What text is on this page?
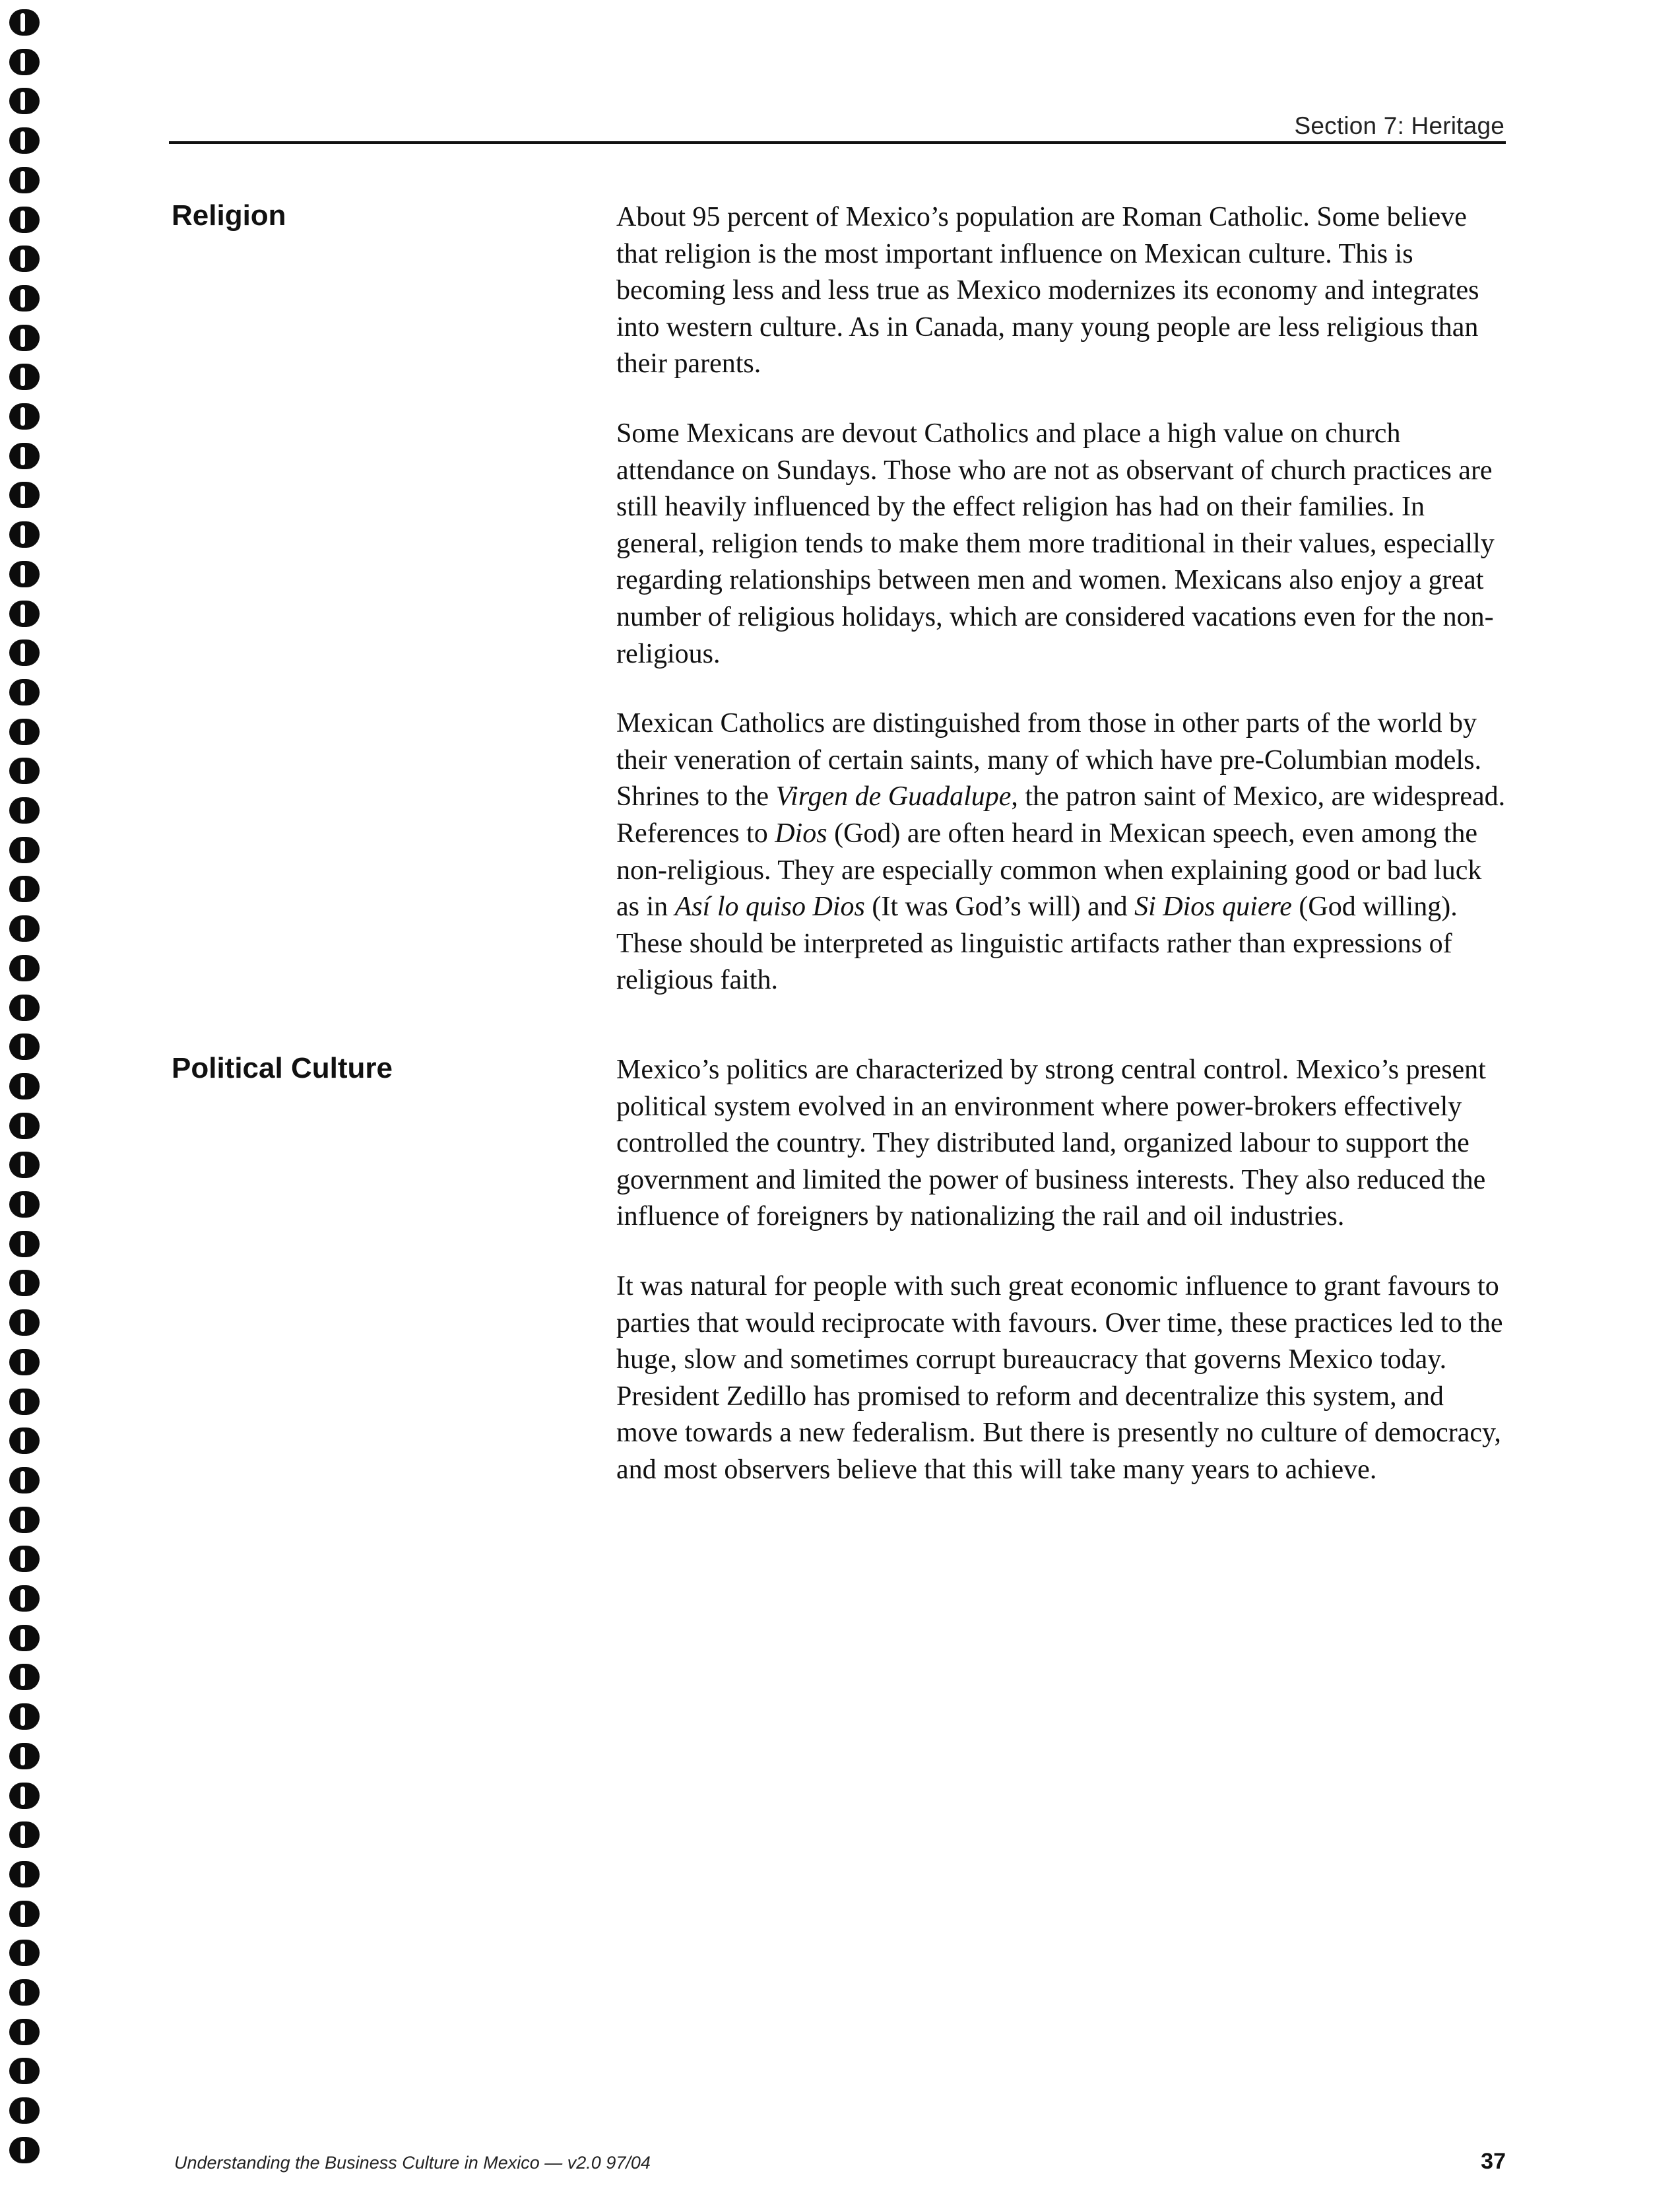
Section 7: Heritage
Religion	About 95 percent of Mexico’s population are Roman Catholic. Some believe that religion is the most important influence on Mexican culture. This is becoming less and less true as Mexico modernizes its economy and integrates into western culture. As in Canada, many young people are less religious than their parents.

Some Mexicans are devout Catholics and place a high value on church attendance on Sundays. Those who are not as observant of church practices are still heavily influenced by the effect religion has had on their families. In general, religion tends to make them more traditional in their values, especially regarding relationships between men and women. Mexicans also enjoy a great number of religious holidays, which are considered vacations even for the non-religious.

Mexican Catholics are distinguished from those in other parts of the world by their veneration of certain saints, many of which have pre-Columbian models. Shrines to the Virgen de Guadalupe, the patron saint of Mexico, are widespread. References to Dios (God) are often heard in Mexican speech, even among the non-religious. They are especially common when explaining good or bad luck as in Así lo quiso Dios (It was God’s will) and Si Dios quiere (God willing). These should be interpreted as linguistic artifacts rather than expressions of religious faith.

Political Culture	Mexico’s politics are characterized by strong central control. Mexico’s present political system evolved in an environment where power-brokers effectively controlled the country. They distributed land, organized labour to support the government and limited the power of business interests. They also reduced the influence of foreigners by nationalizing the rail and oil industries.

It was natural for people with such great economic influence to grant favours to parties that would reciprocate with favours. Over time, these practices led to the huge, slow and sometimes corrupt bureaucracy that governs Mexico today. President Zedillo has promised to reform and decentralize this system, and move towards a new federalism. But there is presently no culture of democracy, and most observers believe that this will take many years to achieve.

Understanding the Business Culture in Mexico — v2.0 97/04	37
